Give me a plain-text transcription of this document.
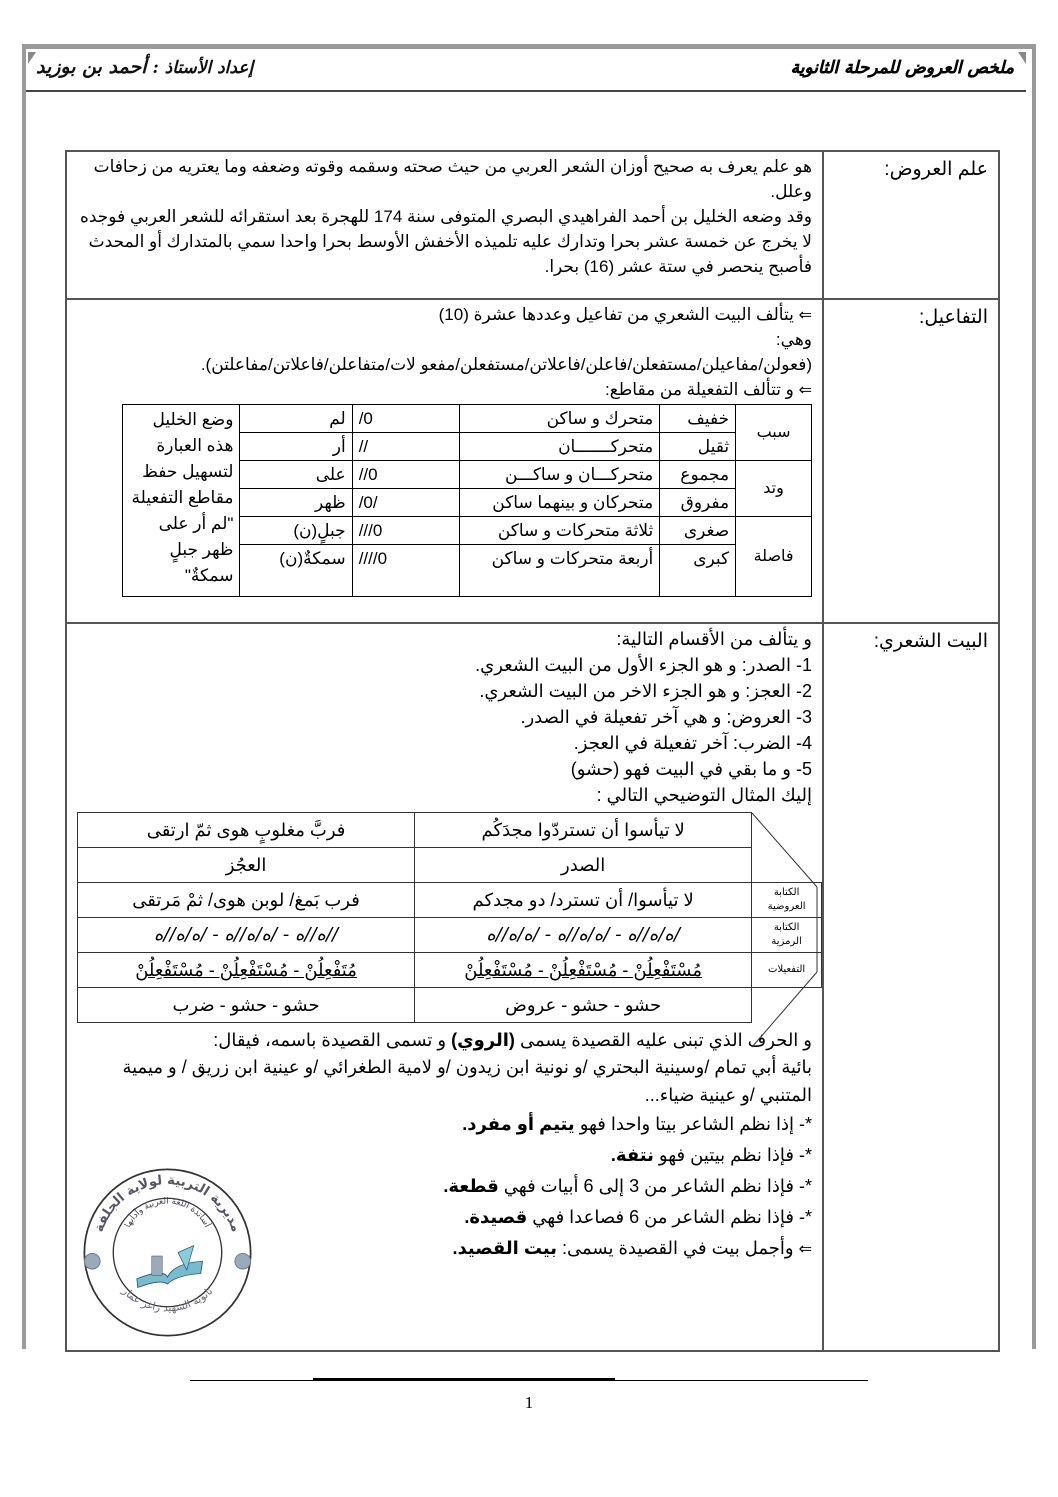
ملخص العروض للمرحلة الثانوية
إعداد الأستاذ : أحمد بن بوزيد
علم العروض:	

هو علم يعرف به صحيح أوزان الشعر العربي من حيث صحته وسقمه وقوته وضعفه وما يعتريه من زحافات وعلل.

وقد وضعه الخليل بن أحمد الفراهيدي البصري المتوفى سنة 174 للهجرة بعد استقرائه للشعر العربي فوجده لا يخرج عن خمسة عشر بحرا وتدارك عليه تلميذه الأخفش الأوسط بحرا واحدا سمي بالمتدارك أو المحدث فأصبح ينحصر في ستة عشر (16) بحرا.

التفاعيل:	

⇐ يتألف البيت الشعري من تفاعيل وعددها عشرة (10)

وهي:

(فعولن/مفاعيلن/مستفعلن/فاعلن/فاعلاتن/مستفعلن/مفعو لات/متفاعلن/فاعلاتن/مفاعلتن).

⇐ و تتألف التفعيلة من مقاطع:

سبب	خفيف	متحرك و ساكن	/0	لم	وضع الخليل هذه العبارة لتسهيل حفظ مقاطع التفعيلة "لم أر على ظهر جبلٍ سمكةٌ"
ثقيل	متحركـــــــان	//	أر
وتد	مجموع	متحركـــان و ساكـــن	//0	على
مفروق	متحركان و بينهما ساكن	/0/	ظهر
فاصلة	صغرى	ثلاثة متحركات و ساكن	///0	جبلٍ(ن)
كبرى	أربعة متحركات و ساكن	////0	سمكةٌ(ن)

البيت الشعري:	

و يتألف من الأقسام التالية:

1- الصدر: و هو الجزء الأول من البيت الشعري.

2- العجز: و هو الجزء الاخر من البيت الشعري.

3- العروض: و هي آخر تفعيلة في الصدر.

4- الضرب: آخر تفعيلة في العجز.

5- و ما بقي في البيت فهو (حشو)

إليك المثال التوضيحي التالي :

	لا تيأسوا أن تستردّوا مجدَكُم	فربَّ مغلوبٍ هوى ثمّ ارتقى
	الصدر	العجُز
الكتابة العروضية	لا تيأسوا/ أن تسترد/ دو مجدكم	فرب بَمغ/ لوبن هوى/ ثمْ مَرتقى
الكتابة الرمزية	/ه/ه//ه - /ه/ه//ه - /ه/ه//ه	//ه//ه - /ه/ه//ه - /ه/ه//ه
التفعيلات	مُسْتَفْعِلُنْ - مُسْتَفْعِلُنْ - مُسْتَفْعِلُنْ	مُتَفْعِلُنْ - مُسْتَفْعِلُنْ - مُسْتَفْعِلُنْ
	حشو - حشو - عروض	حشو - حشو - ضرب

و الحرف الذي تبنى عليه القصيدة يسمى (الروي) و تسمى القصيدة باسمه، فيقال:

بائية أبي تمام /وسينية البحتري /و نونية ابن زيدون /و لامية الطغرائي /و عينية ابن زريق / و ميمية المتنبي /و عينية ضياء...

*- إذا نظم الشاعر بيتا واحدا فهو يتيم أو مفرد.

*- فإذا نظم بيتين فهو نتفة.

*- فإذا نظم الشاعر من 3 إلى 6 أبيات فهي قطعة.

*- فإذا نظم الشاعر من 6 فصاعدا فهي قصيدة.

⇐ وأجمل بيت في القصيدة يسمى: بيت القصيد.

مديرية التربية لولاية الجلفة
أساتذة اللغة العربية وآدابها
ثانوية الشهيد زاغز عمار
1
